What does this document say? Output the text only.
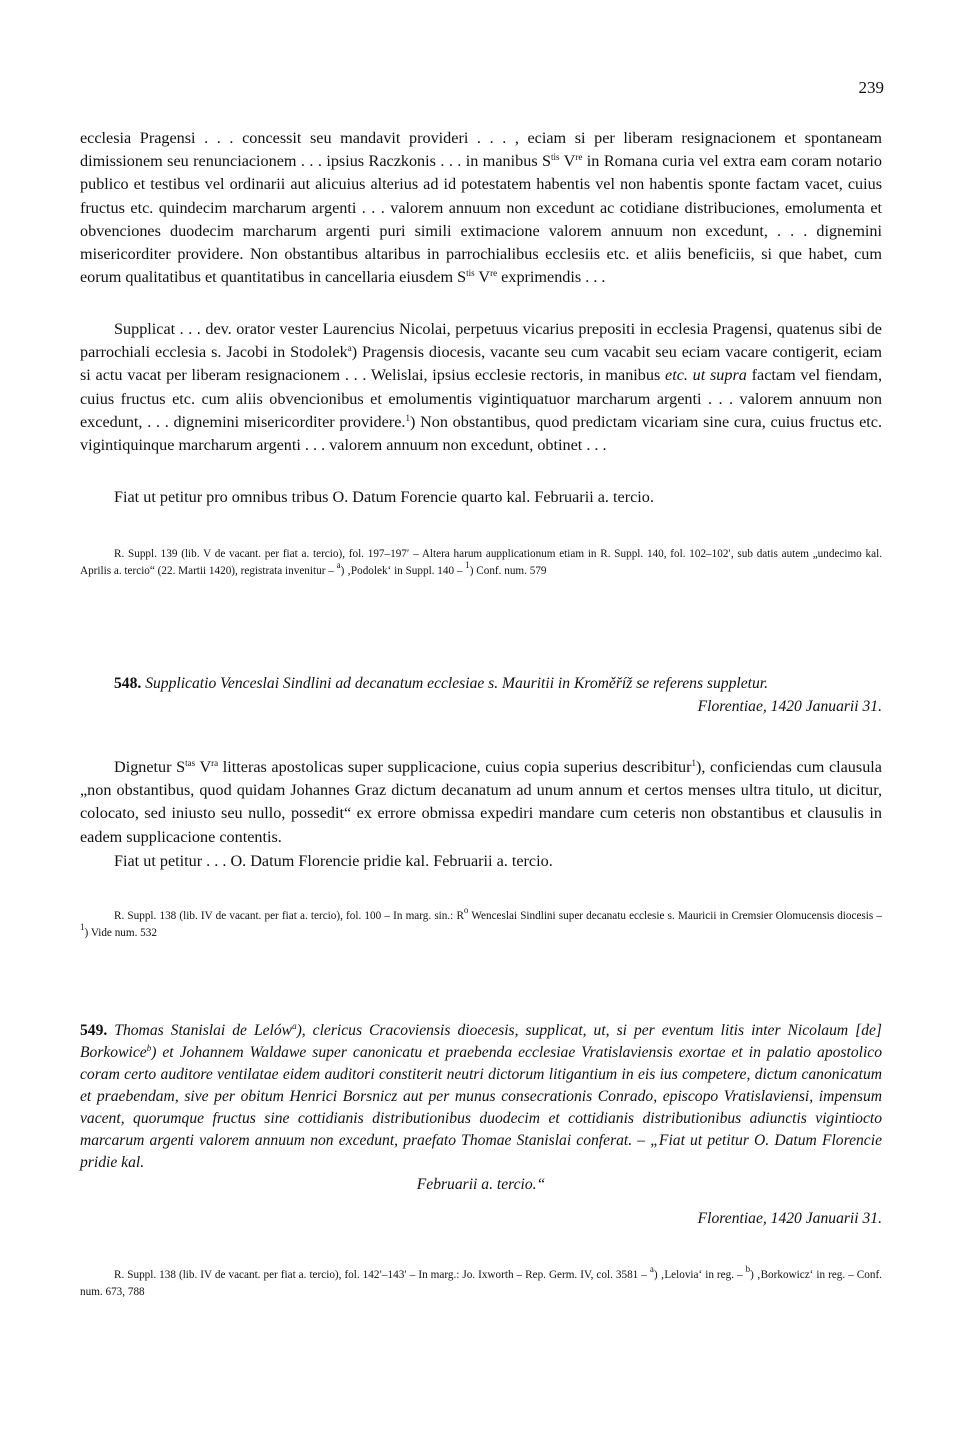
239

ecclesia Pragensi . . . concessit seu mandavit provideri . . . , eciam si per liberam resignacionem et spontaneam dimissionem seu renunciacionem . . . ipsius Raczkonis . . . in manibus $S^{tis}$ Vre in Romana curia vel extra eam coram notario publico et testibus vel ordinarii aut alicuius alterius ad id potestatem habentis vel non habentis sponte factam vacet, cuius fructus etc. quindecim marcharum argenti . . . valorem annuum non excedunt ac cotidiane distribuciones, emolumenta et obvenciones duodecim marcharum argenti puri simili extimacione valorem annuum non excedunt, . . . dignemini misericorditer providere. Non obstantibus altaribus in parrochialibus ecclesiis etc. et aliis beneficiis, si que habet, cum eorum qualitatibus et quantitatibus in cancellaria eiusdem $S^{tis}$ Vre exprimendis . . .

Supplicat . . . dev. orator vester Laurencius Nicolai, perpetuus vicarius prepositi in ecclesia Pragensi, quatenus sibi de parrochiali ecclesia s. Jacobi in Stodolek$^a$) Pragensis diocesis, vacante seu cum vacabit seu eciam vacare contigerit, eciam si actu vacat per liberam resignacionem . . . Welislai, ipsius ecclesie rectoris, in manibus etc. ut supra factam vel fiendam, cuius fructus etc. cum aliis obvencionibus et emolumentis vigintiquatuor marcharum argenti . . . valorem annuum non excedunt, . . . dignemini misericorditer providere.$^1$) Non obstantibus, quod predictam vicariam sine cura, cuius fructus etc. vigintiquinque marcharum argenti . . . valorem annuum non excedunt, obtinet . . .

Fiat ut petitur pro omnibus tribus O. Datum Forencie quarto kal. Februarii a. tercio.

R. Suppl. 139 (lib. V de vacant. per fiat a. tercio), fol. 197–197′ – Altera harum aupplicationum etiam in R. Suppl. 140, fol. 102–102′, sub datis autem „undecimo kal. Aprilis a. tercio“ (22. Martii 1420), registrata invenitur – $^a$) ‚Podolek‘ in Suppl. 140 – $^1$) Conf. num. 579

548. Supplicatio Venceslai Sindlini ad decanatum ecclesiae s. Mauritii in Kroměříž se referens suppletur.

Florentiae, 1420 Januarii 31.

Dignetur $S^{tas}$ $V^{ra}$ litteras apostolicas super supplicacione, cuius copia superius describitur$^1$), conficiendas cum clausula „non obstantibus, quod quidam Johannes Graz dictum decanatum ad unum annum et certos menses ultra titulo, ut dicitur, colocato, sed iniusto seu nullo, possedit“ ex errore obmissa expediri mandare cum ceteris non obstantibus et clausulis in eadem supplicacione contentis.

Fiat ut petitur . . . O. Datum Florencie pridie kal. Februarii a. tercio.

R. Suppl. 138 (lib. IV de vacant. per fiat a. tercio), fol. 100 – In marg. sin.: $R^o$ Wenceslai Sindlini super decanatu ecclesie s. Mauricii in Cremsier Olomucensis diocesis – $^1$) Vide num. 532

549. Thomas Stanislai de Lelów$^a$), clericus Cracoviensis dioecesis, supplicat, ut, si per eventum litis inter Nicolaum [de] Borkowice$^b$) et Johannem Waldawe super canonicatu et praebenda ecclesiae Vratislaviensis exortae et in palatio apostolico coram certo auditore ventilatae eidem auditori constiterit neutri dictorum litigantium in eis ius competere, dictum canonicatum et praebendam, sive per obitum Henrici Borsnicz aut per munus consecrationis Conrado, episcopo Vratislaviensi, impensum vacent, quorumque fructus sine cottidianis distributionibus duodecim et cottidianis distributionibus adiunctis vigintiocto marcarum argenti valorem annuum non excedunt, praefato Thomae Stanislai conferat. – „Fiat ut petitur O. Datum Florencie pridie kal.

Februarii a. tercio.“

Florentiae, 1420 Januarii 31.

R. Suppl. 138 (lib. IV de vacant. per fiat a. tercio), fol. 142′–143′ – In marg.: Jo. Ixworth – Rep. Germ. IV, col. 3581 – $^a$) ‚Lelovia‘ in reg. – $^b$) ‚Borkowicz‘ in reg. – Conf. num. 673, 788
